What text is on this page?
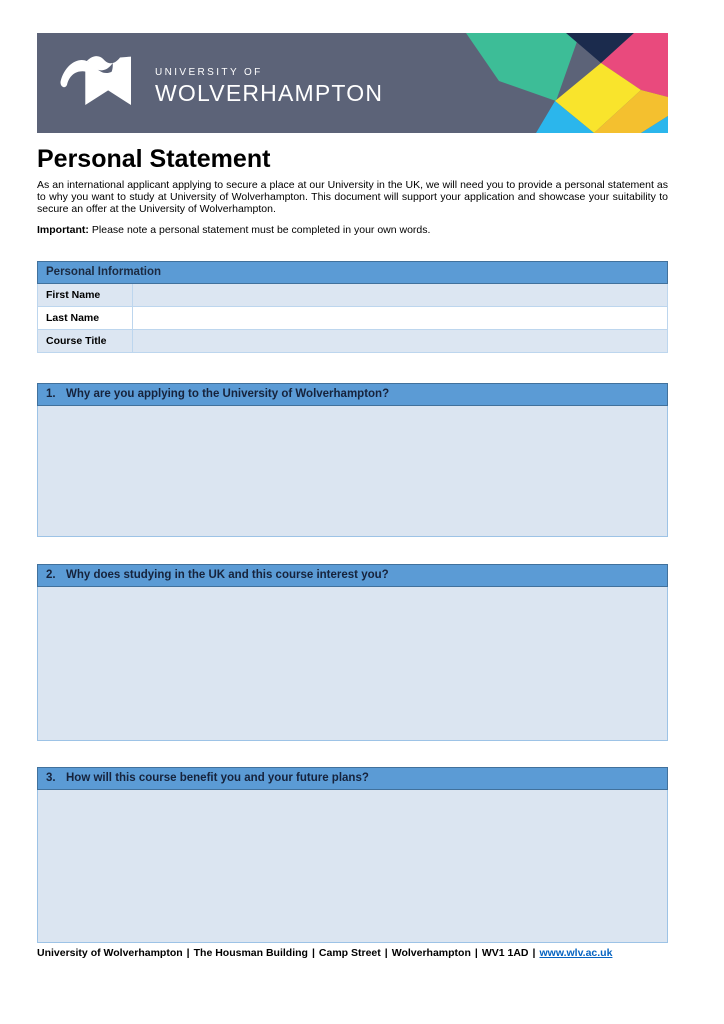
UNIVERSITY OF
WOLVERHAMPTON
Personal Statement

As an international applicant applying to secure a place at our University in the UK, we will need you to provide a personal statement as to why you want to study at University of Wolverhampton. This document will support your application and showcase your suitability to secure an offer at the University of Wolverhampton.

Important: Please note a personal statement must be completed in your own words.

Personal Information
First Name
Last Name
Course Title
1. Why are you applying to the University of Wolverhampton?
2. Why does studying in the UK and this course interest you?
3. How will this course benefit you and your future plans?
University of Wolverhampton | The Housman Building | Camp Street | Wolverhampton | WV1 1AD | www.wlv.ac.uk
